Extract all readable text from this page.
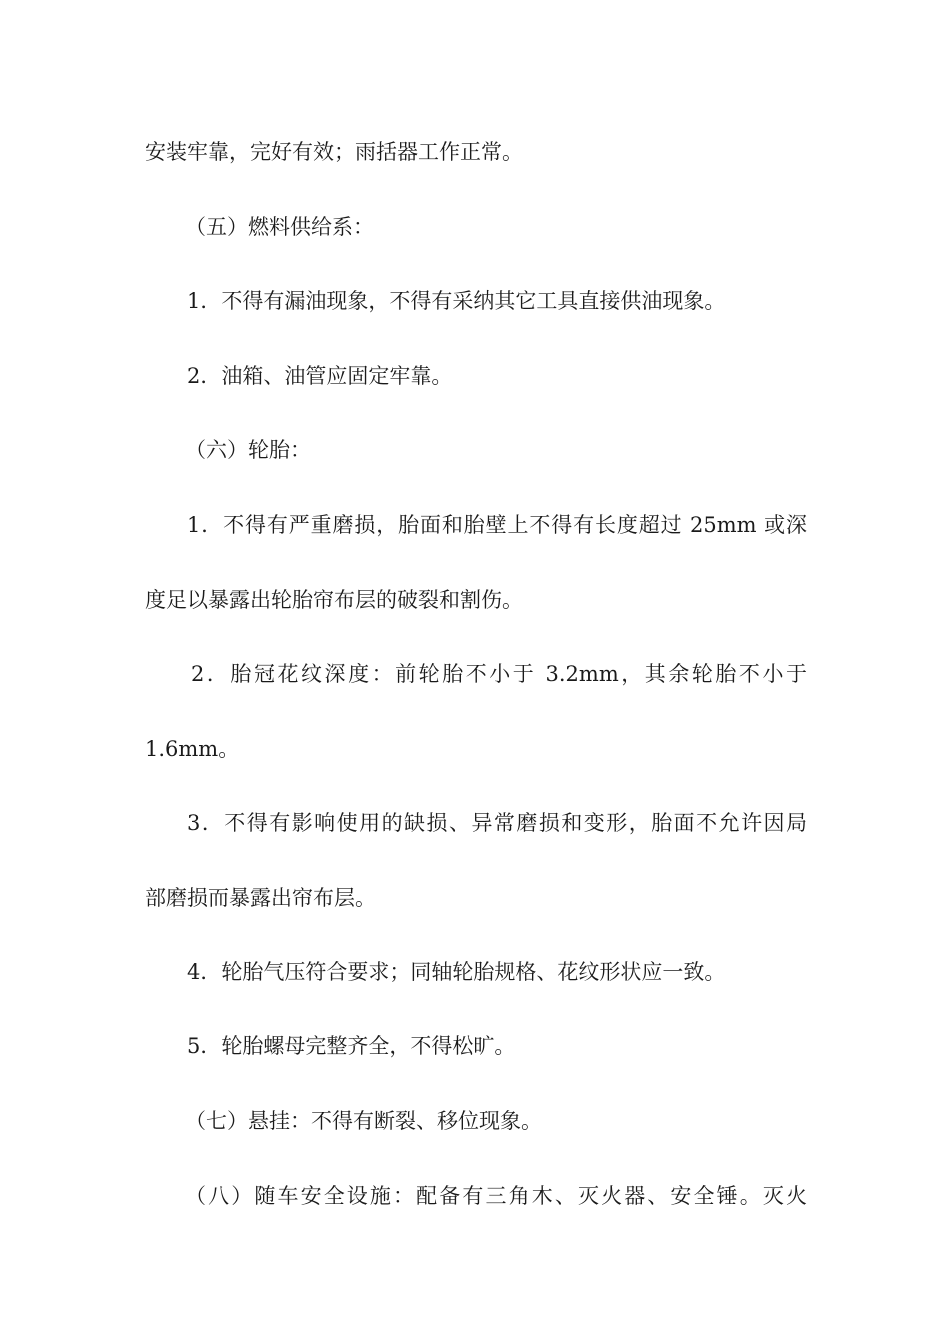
安装牢靠，完好有效；雨括器工作正常。
（五）燃料供给系：
1．不得有漏油现象，不得有采纳其它工具直接供油现象。
2．油箱、油管应固定牢靠。
（六）轮胎：
1．不得有严重磨损，胎面和胎壁上不得有长度超过 25mm 或深
度足以暴露出轮胎帘布层的破裂和割伤。
2．胎冠花纹深度：前轮胎不小于 3.2mm，其余轮胎不小于
1.6mm。
3．不得有影响使用的缺损、异常磨损和变形，胎面不允许因局
部磨损而暴露出帘布层。
4．轮胎气压符合要求；同轴轮胎规格、花纹形状应一致。
5．轮胎螺母完整齐全，不得松旷。
（七）悬挂：不得有断裂、移位现象。
（八）随车安全设施：配备有三角木、灭火器、安全锤。灭火
